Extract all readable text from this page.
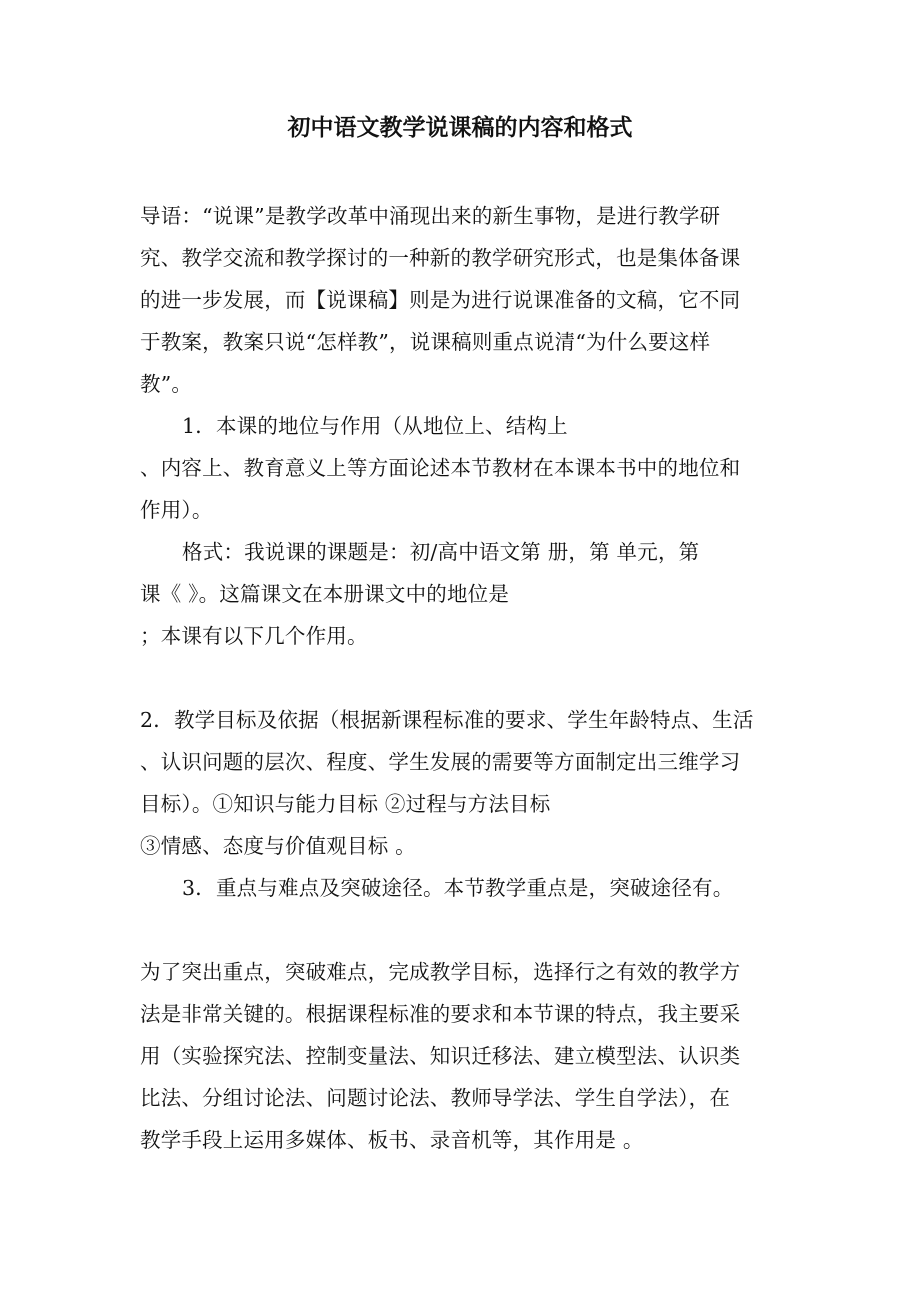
初中语文教学说课稿的内容和格式
导语：“说课”是教学改革中涌现出来的新生事物，是进行教学研
究、教学交流和教学探讨的一种新的教学研究形式，也是集体备课
的进一步发展，而【说课稿】则是为进行说课准备的文稿，它不同
于教案，教案只说“怎样教”，说课稿则重点说清“为什么要这样
教”。
1．本课的地位与作用（从地位上、结构上
、内容上、教育意义上等方面论述本节教材在本课本书中的地位和
作用）。
格式：我说课的课题是：初/高中语文第 册，第 单元，第
课《 》。这篇课文在本册课文中的地位是
；本课有以下几个作用。
2．教学目标及依据（根据新课程标准的要求、学生年龄特点、生活
、认识问题的层次、程度、学生发展的需要等方面制定出三维学习
目标）。①知识与能力目标 ②过程与方法目标
③情感、态度与价值观目标 。
3．重点与难点及突破途径。本节教学重点是，突破途径有。
为了突出重点，突破难点，完成教学目标，选择行之有效的教学方
法是非常关键的。根据课程标准的要求和本节课的特点，我主要采
用（实验探究法、控制变量法、知识迁移法、建立模型法、认识类
比法、分组讨论法、问题讨论法、教师导学法、学生自学法），在
教学手段上运用多媒体、板书、录音机等，其作用是 。
